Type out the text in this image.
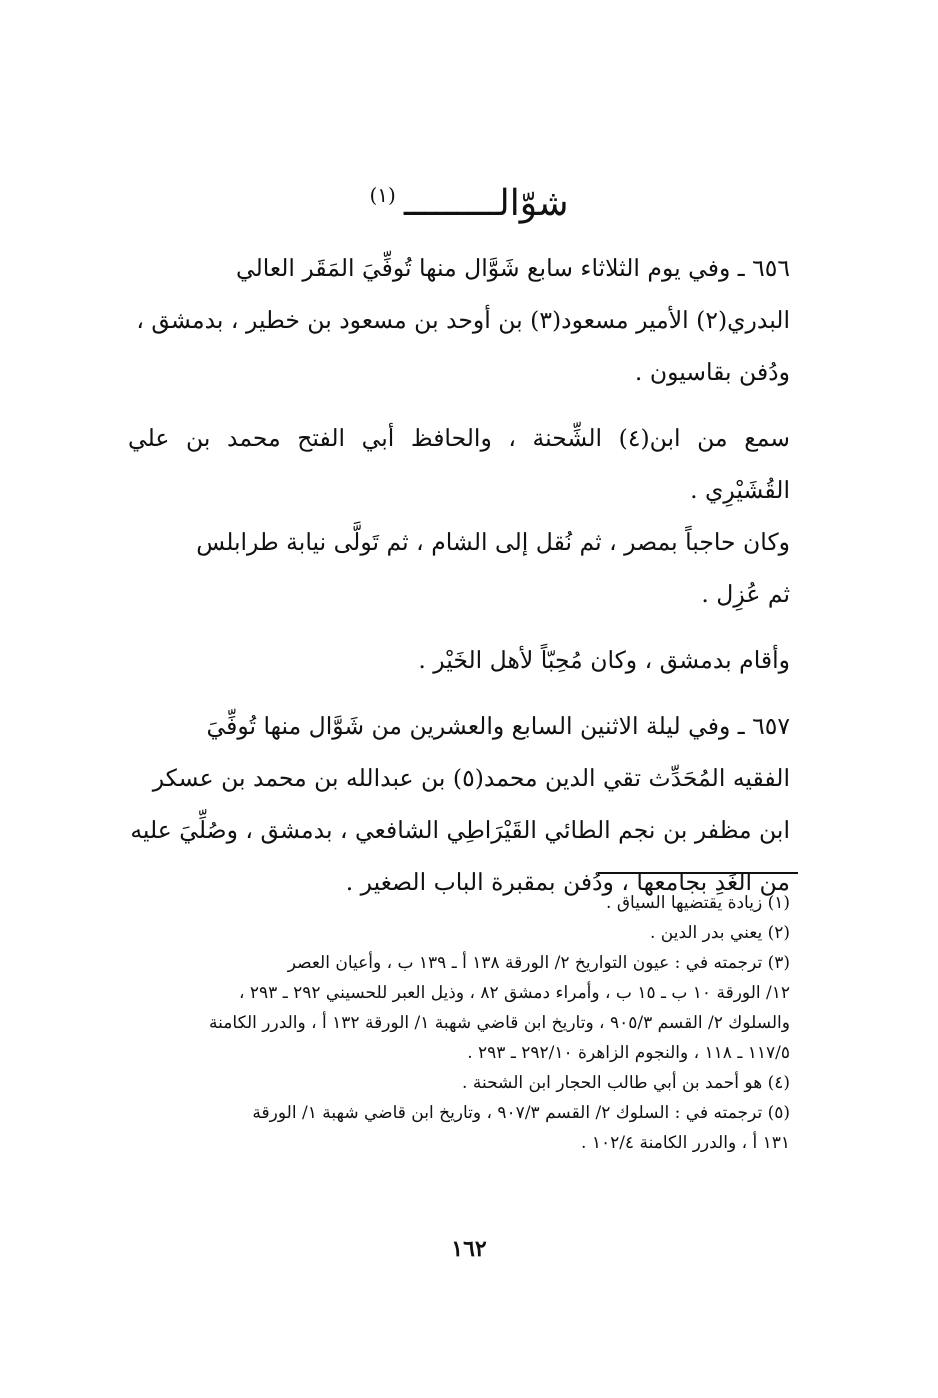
شوّالـــــــــ$^{(١)}$

٦٥٦ ـ وفي يوم الثلاثاء سابع شَوَّال منها تُوفِّيَ المَقَر العالي
البدري(٢) الأمير مسعود(٣) بن أوحد بن مسعود بن خطير ، بدمشق ،
ودُفن بقاسيون .

سمع من ابن(٤) الشِّحنة ، والحافظ أبي الفتح محمد بن علي القُشَيْرِي .

وكان حاجباً بمصر ، ثم نُقل إلى الشام ، ثم تَولَّى نيابة طرابلس
ثم عُزِل .

وأقام بدمشق ، وكان مُحِبّاً لأهل الخَيْر .

٦٥٧ ـ وفي ليلة الاثنين السابع والعشرين من شَوَّال منها تُوفِّيَ
الفقيه المُحَدِّث تقي الدين محمد(٥) بن عبدالله بن محمد بن عسكر
ابن مظفر بن نجم الطائي القَيْرَاطِي الشافعي ، بدمشق ، وصُلِّيَ عليه
من الغَدِ بجامعها ، ودُفن بمقبرة الباب الصغير .

(١) زيادة يقتضيها السياق .

(٢) يعني بدر الدين .

(٣) ترجمته في : عيون التواريخ ٢/ الورقة ١٣٨ أ ـ ١٣٩ ب ، وأعيان العصر
١٢/ الورقة ١٠ ب ـ ١٥ ب ، وأمراء دمشق ٨٢ ، وذيل العبر للحسيني ٢٩٢ ـ ٢٩٣ ،
والسلوك ٢/ القسم ٩٠٥/٣ ، وتاريخ ابن قاضي شهبة ١/ الورقة ١٣٢ أ ، والدرر الكامنة
١١٧/٥ ـ ١١٨ ، والنجوم الزاهرة ٢٩٢/١٠ ـ ٢٩٣ .

(٤) هو أحمد بن أبي طالب الحجار ابن الشحنة .

(٥) ترجمته في : السلوك ٢/ القسم ٩٠٧/٣ ، وتاريخ ابن قاضي شهبة ١/ الورقة
١٣١ أ ، والدرر الكامنة ١٠٢/٤ .

١٦٢
